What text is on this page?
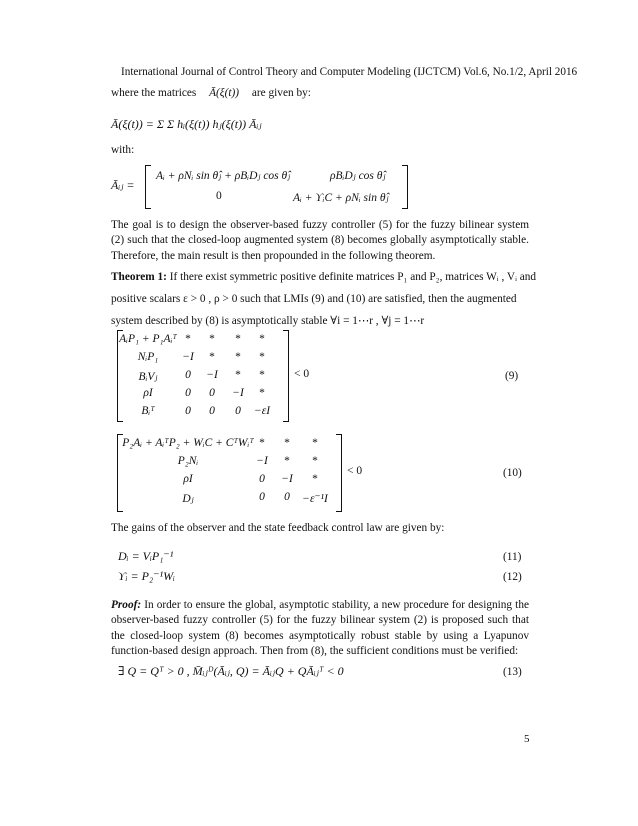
International Journal of Control Theory and Computer Modeling (IJCTCM) Vol.6, No.1/2, April 2016
where the matrices Ā(ξ(t)) are given by:
Ā(ξ(t)) = Σ Σ hᵢ(ξ(t)) hⱼ(ξ(t)) Āᵢⱼ
with:
Āᵢⱼ =
Aᵢ + ρNᵢ sin θ̂ⱼ + ρBᵢDⱼ cos θ̂ⱼ	ρBᵢDⱼ cos θ̂ⱼ
0	Aᵢ + ϒᵢC + ρNᵢ sin θ̂ⱼ
The goal is to design the observer-based fuzzy controller (5) for the fuzzy bilinear system (2) such that the closed-loop augmented system (8) becomes globally asymptotically stable. Therefore, the main result is then propounded in the following theorem.
Theorem 1: If there exist symmetric positive definite matrices P₁ and P₂, matrices Wᵢ , Vᵢ and
positive scalars ε > 0 , ρ > 0 such that LMIs (9) and (10) are satisfied, then the augmented
system described by (8) is asymptotically stable ∀i = 1⋯r , ∀j = 1⋯r
AᵢP₁ + P₁Aᵢᵀ * * * *
NᵢP₁ −I * * *
BᵢVⱼ 0 −I * *
ρI	0 0 −I *
Bᵢᵀ	0 0 0 −εI
< 0	(9)
P₂Aᵢ + AᵢᵀP₂ + WᵢC + CᵀWᵢᵀ * * *
P₂Nᵢ	−I * *
ρI	0 −I *
Dⱼ	0 0 −ε⁻¹I
< 0	(10)
The gains of the observer and the state feedback control law are given by:
Dᵢ = VᵢP₁⁻¹	(11)
ϒᵢ = P₂⁻¹Wᵢ	(12)
Proof: In order to ensure the global, asymptotic stability, a new procedure for designing the observer-based fuzzy controller (5) for the fuzzy bilinear system (2) is proposed such that the closed-loop system (8) becomes asymptotically robust stable by using a Lyapunov function-based design approach. Then from (8), the sufficient conditions must be verified:
∃ Q = Qᵀ > 0 , M̄ᵢⱼᴰ(Āᵢⱼ, Q) = ĀᵢⱼQ + QĀᵢⱼᵀ < 0	(13)
5
